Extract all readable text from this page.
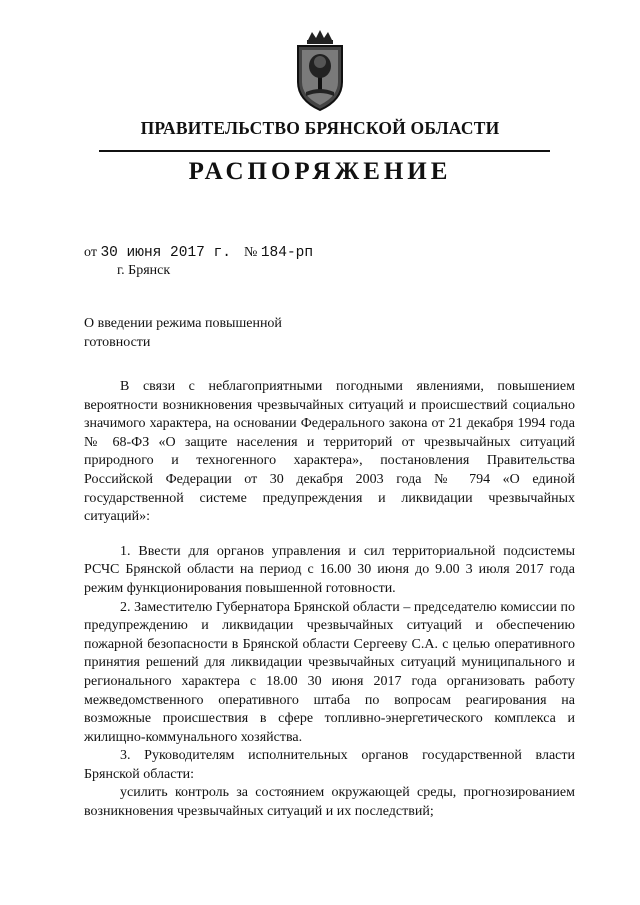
ПРАВИТЕЛЬСТВО БРЯНСКОЙ ОБЛАСТИ
РАСПОРЯЖЕНИЕ
от 30 июня 2017 г. № 184-рп
г. Брянск
О введении режима повышенной
готовности

В связи с неблагоприятными погодными явлениями, повышением вероятности возникновения чрезвычайных ситуаций и происшествий социально значимого характера, на основании Федерального закона от 21 декабря 1994 года № 68-ФЗ «О защите населения и территорий от чрезвычайных ситуаций природного и техногенного характера», постановления Правительства Российской Федерации от 30 декабря 2003 года № 794 «О единой государственной системе предупреждения и ликвидации чрезвычайных ситуаций»:

1. Ввести для органов управления и сил территориальной подсистемы РСЧС Брянской области на период с 16.00 30 июня до 9.00 3 июля 2017 года режим функционирования повышенной готовности.

2. Заместителю Губернатора Брянской области – председателю комиссии по предупреждению и ликвидации чрезвычайных ситуаций и обеспечению пожарной безопасности в Брянской области Сергееву С.А. с целью оперативного принятия решений для ликвидации чрезвычайных ситуаций муниципального и регионального характера с 18.00 30 июня 2017 года организовать работу межведомственного оперативного штаба по вопросам реагирования на возможные происшествия в сфере топливно-энергетического комплекса и жилищно-коммунального хозяйства.

3. Руководителям исполнительных органов государственной власти Брянской области:

усилить контроль за состоянием окружающей среды, прогнозированием возникновения чрезвычайных ситуаций и их последствий;
